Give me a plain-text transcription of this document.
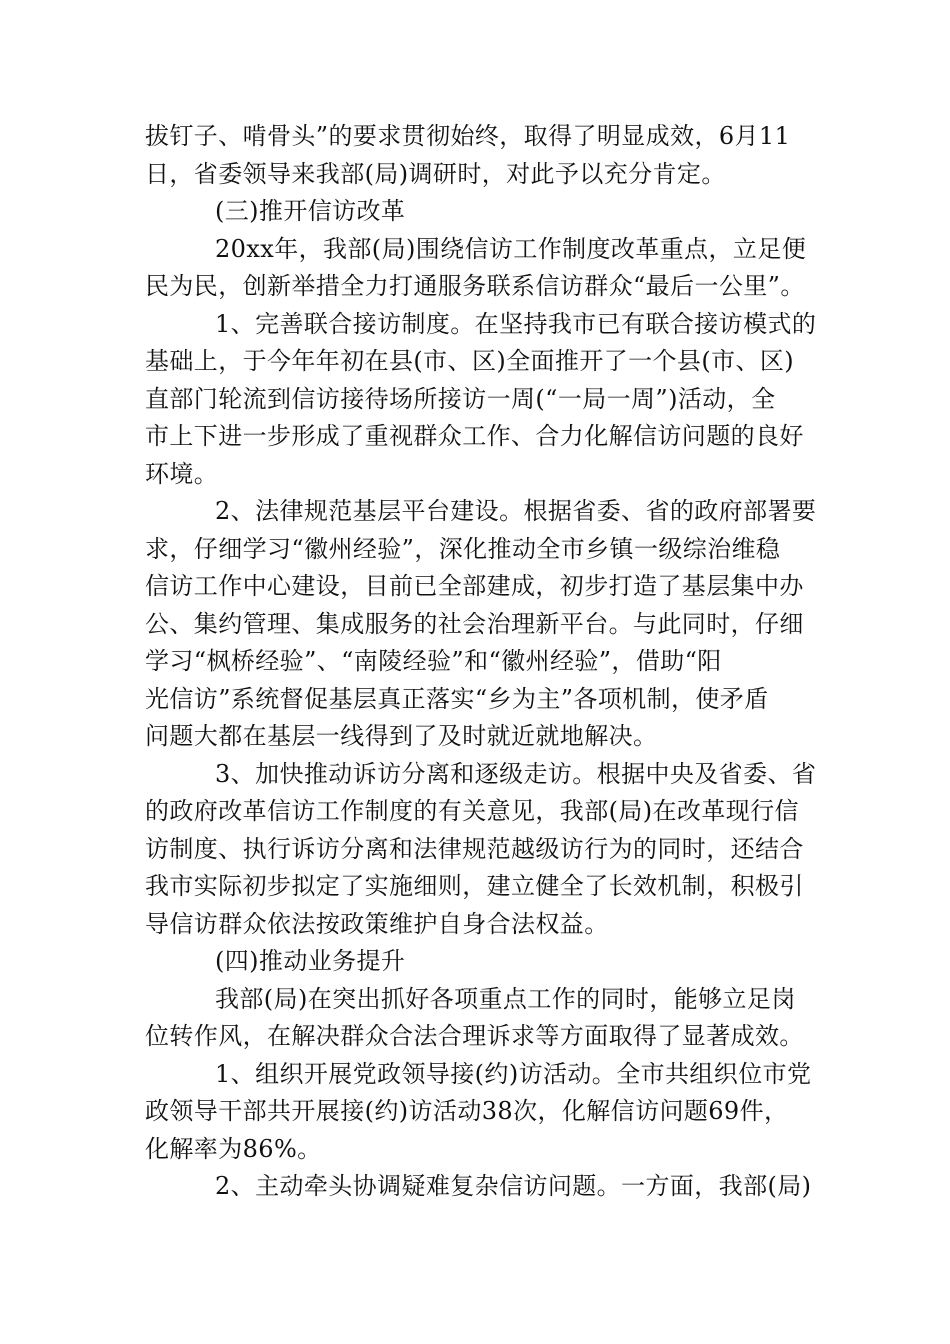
拔钉子、啃骨头”的要求贯彻始终，取得了明显成效，6月11
日，省委领导来我部(局)调研时，对此予以充分肯定。
(三)推开信访改革
20xx年，我部(局)围绕信访工作制度改革重点，立足便
民为民，创新举措全力打通服务联系信访群众“最后一公里”。
1、完善联合接访制度。在坚持我市已有联合接访模式的
基础上，于今年年初在县(市、区)全面推开了一个县(市、区)
直部门轮流到信访接待场所接访一周(“一局一周”)活动，全
市上下进一步形成了重视群众工作、合力化解信访问题的良好
环境。
2、法律规范基层平台建设。根据省委、省的政府部署要
求，仔细学习“徽州经验”，深化推动全市乡镇一级综治维稳
信访工作中心建设，目前已全部建成，初步打造了基层集中办
公、集约管理、集成服务的社会治理新平台。与此同时，仔细
学习“枫桥经验”、“南陵经验”和“徽州经验”，借助“阳
光信访”系统督促基层真正落实“乡为主”各项机制，使矛盾
问题大都在基层一线得到了及时就近就地解决。
3、加快推动诉访分离和逐级走访。根据中央及省委、省
的政府改革信访工作制度的有关意见，我部(局)在改革现行信
访制度、执行诉访分离和法律规范越级访行为的同时，还结合
我市实际初步拟定了实施细则，建立健全了长效机制，积极引
导信访群众依法按政策维护自身合法权益。
(四)推动业务提升
我部(局)在突出抓好各项重点工作的同时，能够立足岗
位转作风，在解决群众合法合理诉求等方面取得了显著成效。
1、组织开展党政领导接(约)访活动。全市共组织位市党
政领导干部共开展接(约)访活动38次，化解信访问题69件，
化解率为86%。
2、主动牵头协调疑难复杂信访问题。一方面，我部(局)
